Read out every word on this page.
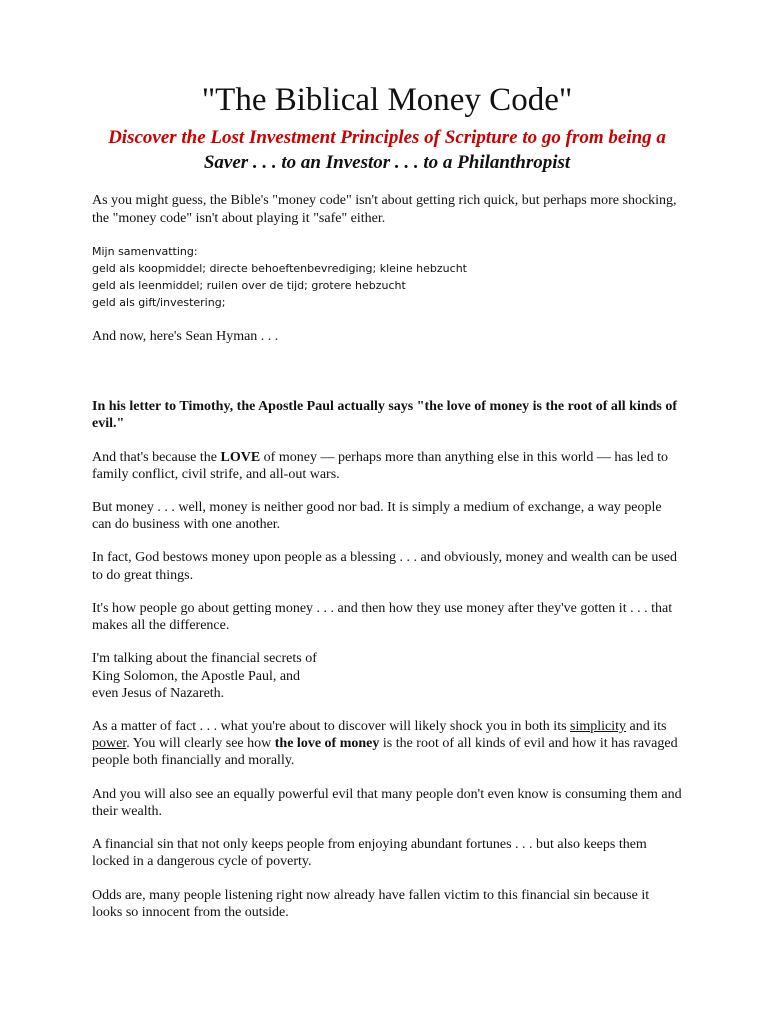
"The Biblical Money Code"
Discover the Lost Investment Principles of Scripture to go from being a Saver . . . to an Investor . . . to a Philanthropist

As you might guess, the Bible's "money code" isn't about getting rich quick, but perhaps more shocking, the "money code" isn't about playing it "safe" either.

Mijn samenvatting:
geld als koopmiddel; directe behoeftenbevrediging; kleine hebzucht
geld als leenmiddel; ruilen over de tijd; grotere hebzucht
geld als gift/investering;

And now, here's Sean Hyman . . .

In his letter to Timothy, the Apostle Paul actually says "the love of money is the root of all kinds of evil."

And that's because the LOVE of money — perhaps more than anything else in this world — has led to family conflict, civil strife, and all-out wars.

But money . . . well, money is neither good nor bad. It is simply a medium of exchange, a way people can do business with one another.

In fact, God bestows money upon people as a blessing . . . and obviously, money and wealth can be used to do great things.

It's how people go about getting money . . . and then how they use money after they've gotten it . . . that makes all the difference.

I'm talking about the financial secrets of
King Solomon, the Apostle Paul, and
even Jesus of Nazareth.

As a matter of fact . . . what you're about to discover will likely shock you in both its simplicity and its power. You will clearly see how the love of money is the root of all kinds of evil and how it has ravaged people both financially and morally.

And you will also see an equally powerful evil that many people don't even know is consuming them and their wealth.

A financial sin that not only keeps people from enjoying abundant fortunes . . . but also keeps them locked in a dangerous cycle of poverty.

Odds are, many people listening right now already have fallen victim to this financial sin because it looks so innocent from the outside.
